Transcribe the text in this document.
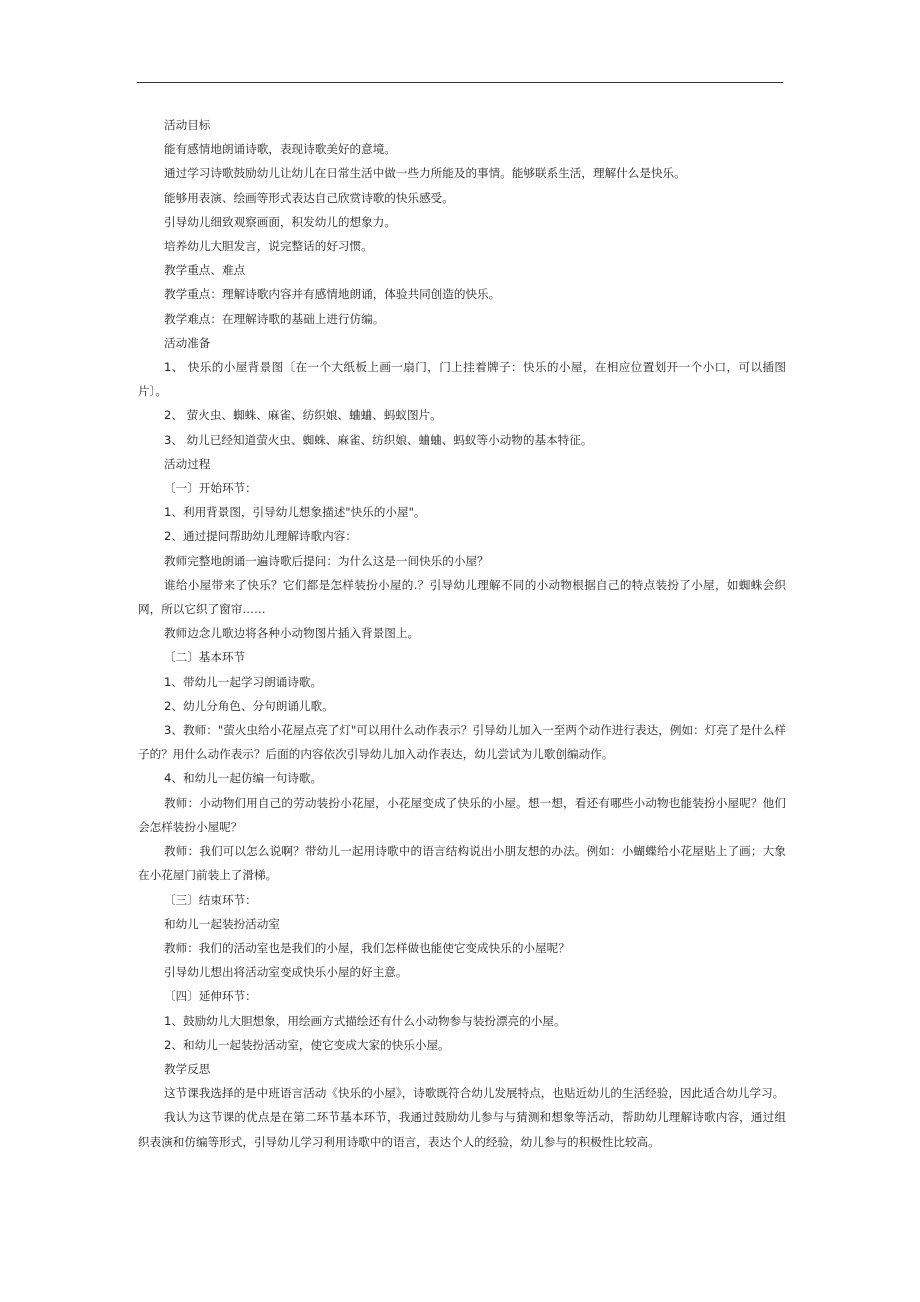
活动目标

能有感情地朗诵诗歌，表现诗歌美好的意境。

通过学习诗歌鼓励幼儿让幼儿在日常生活中做一些力所能及的事情。能够联系生活，理解什么是快乐。

能够用表演、绘画等形式表达自己欣赏诗歌的快乐感受。

引导幼儿细致观察画面，积发幼儿的想象力。

培养幼儿大胆发言，说完整话的好习惯。

教学重点、难点

教学重点：理解诗歌内容并有感情地朗诵，体验共同创造的快乐。

教学难点：在理解诗歌的基础上进行仿编。

活动准备

1、 快乐的小屋背景图〔在一个大纸板上画一扇门，门上挂着牌子：快乐的小屋，在相应位置划开一个小口，可以插图片〕。

2、 萤火虫、蜘蛛、麻雀、纺织娘、蛐蛐、蚂蚁图片。

3、 幼儿已经知道萤火虫、蜘蛛、麻雀、纺织娘、蛐蛐、蚂蚁等小动物的基本特征。

活动过程

〔一〕开始环节：

1、利用背景图，引导幼儿想象描述"快乐的小屋"。

2、通过提问帮助幼儿理解诗歌内容：

教师完整地朗诵一遍诗歌后提问：为什么这是一间快乐的小屋？

谁给小屋带来了快乐？它们都是怎样装扮小屋的.？引导幼儿理解不同的小动物根据自己的特点装扮了小屋，如蜘蛛会织网，所以它织了窗帘……

教师边念儿歌边将各种小动物图片插入背景图上。

〔二〕基本环节

1、带幼儿一起学习朗诵诗歌。

2、幼儿分角色、分句朗诵儿歌。

3、教师："萤火虫给小花屋点亮了灯"可以用什么动作表示？引导幼儿加入一至两个动作进行表达，例如：灯亮了是什么样子的？用什么动作表示？后面的内容依次引导幼儿加入动作表达，幼儿尝试为儿歌创编动作。

4、和幼儿一起仿编一句诗歌。

教师：小动物们用自己的劳动装扮小花屋，小花屋变成了快乐的小屋。想一想，看还有哪些小动物也能装扮小屋呢？他们会怎样装扮小屋呢？

教师：我们可以怎么说啊？带幼儿一起用诗歌中的语言结构说出小朋友想的办法。例如：小蝴蝶给小花屋贴上了画；大象在小花屋门前装上了滑梯。

〔三〕结束环节：

和幼儿一起装扮活动室

教师：我们的活动室也是我们的小屋，我们怎样做也能使它变成快乐的小屋呢？

引导幼儿想出将活动室变成快乐小屋的好主意。

〔四〕延伸环节：

1、鼓励幼儿大胆想象，用绘画方式描绘还有什么小动物参与装扮漂亮的小屋。

2、和幼儿一起装扮活动室，使它变成大家的快乐小屋。

教学反思

这节课我选择的是中班语言活动《快乐的小屋》，诗歌既符合幼儿发展特点，也贴近幼儿的生活经验，因此适合幼儿学习。

我认为这节课的优点是在第二环节基本环节，我通过鼓励幼儿参与与猜测和想象等活动，帮助幼儿理解诗歌内容，通过组织表演和仿编等形式，引导幼儿学习利用诗歌中的语言，表达个人的经验，幼儿参与的积极性比较高。
